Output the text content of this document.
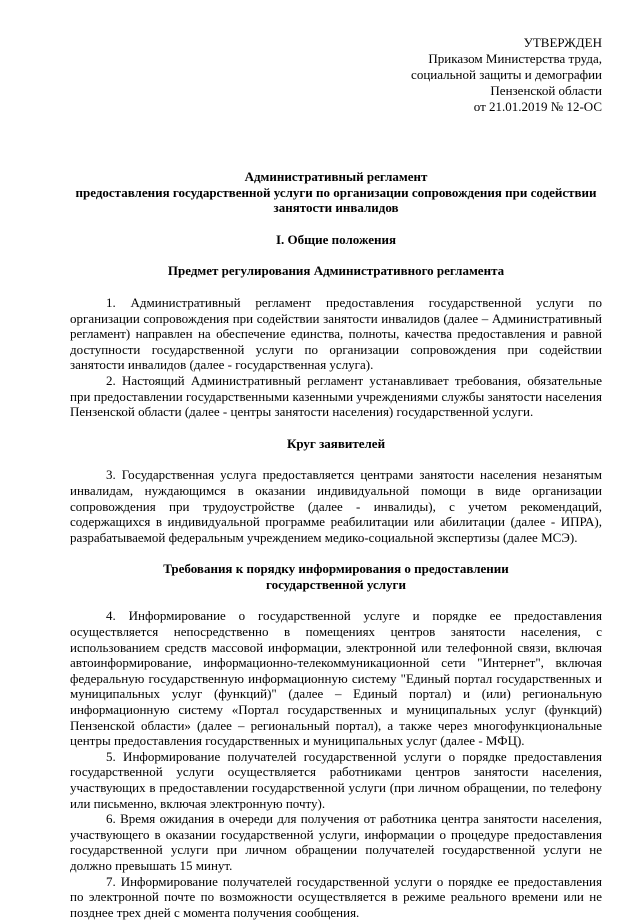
УТВЕРЖДЕН
Приказом Министерства труда,
социальной защиты и демографии
Пензенской области
от 21.01.2019 № 12-ОС
Административный регламент
предоставления государственной услуги по организации сопровождения при содействии
занятости инвалидов
I. Общие положения
Предмет регулирования Административного регламента

1. Административный регламент предоставления государственной услуги по организации сопровождения при содействии занятости инвалидов (далее – Административный регламент) направлен на обеспечение единства, полноты, качества предоставления и равной доступности государственной услуги по организации сопровождения при содействии занятости инвалидов (далее - государственная услуга).

2. Настоящий Административный регламент устанавливает требования, обязательные при предоставлении государственными казенными учреждениями службы занятости населения Пензенской области (далее - центры занятости населения) государственной услуги.

Круг заявителей

3. Государственная услуга предоставляется центрами занятости населения незанятым инвалидам, нуждающимся в оказании индивидуальной помощи в виде организации сопровождения при трудоустройстве (далее - инвалиды), с учетом рекомендаций, содержащихся в индивидуальной программе реабилитации или абилитации (далее - ИПРА), разрабатываемой федеральным учреждением медико-социальной экспертизы (далее МСЭ).

Требования к порядку информирования о предоставлении
государственной услуги

4. Информирование о государственной услуге и порядке ее предоставления осуществляется непосредственно в помещениях центров занятости населения, с использованием средств массовой информации, электронной или телефонной связи, включая автоинформирование, информационно-телекоммуникационной сети "Интернет", включая федеральную государственную информационную систему "Единый портал государственных и муниципальных услуг (функций)" (далее – Единый портал) и (или) региональную информационную систему «Портал государственных и муниципальных услуг (функций) Пензенской области» (далее – региональный портал), а также через многофункциональные центры предоставления государственных и муниципальных услуг (далее - МФЦ).

5. Информирование получателей государственной услуги о порядке предоставления государственной услуги осуществляется работниками центров занятости населения, участвующих в предоставлении государственной услуги (при личном обращении, по телефону или письменно, включая электронную почту).

6. Время ожидания в очереди для получения от работника центра занятости населения, участвующего в оказании государственной услуги, информации о процедуре предоставления государственной услуги при личном обращении получателей государственной услуги не должно превышать 15 минут.

7. Информирование получателей государственной услуги о порядке ее предоставления по электронной почте по возможности осуществляется в режиме реального времени или не позднее трех дней с момента получения сообщения.
